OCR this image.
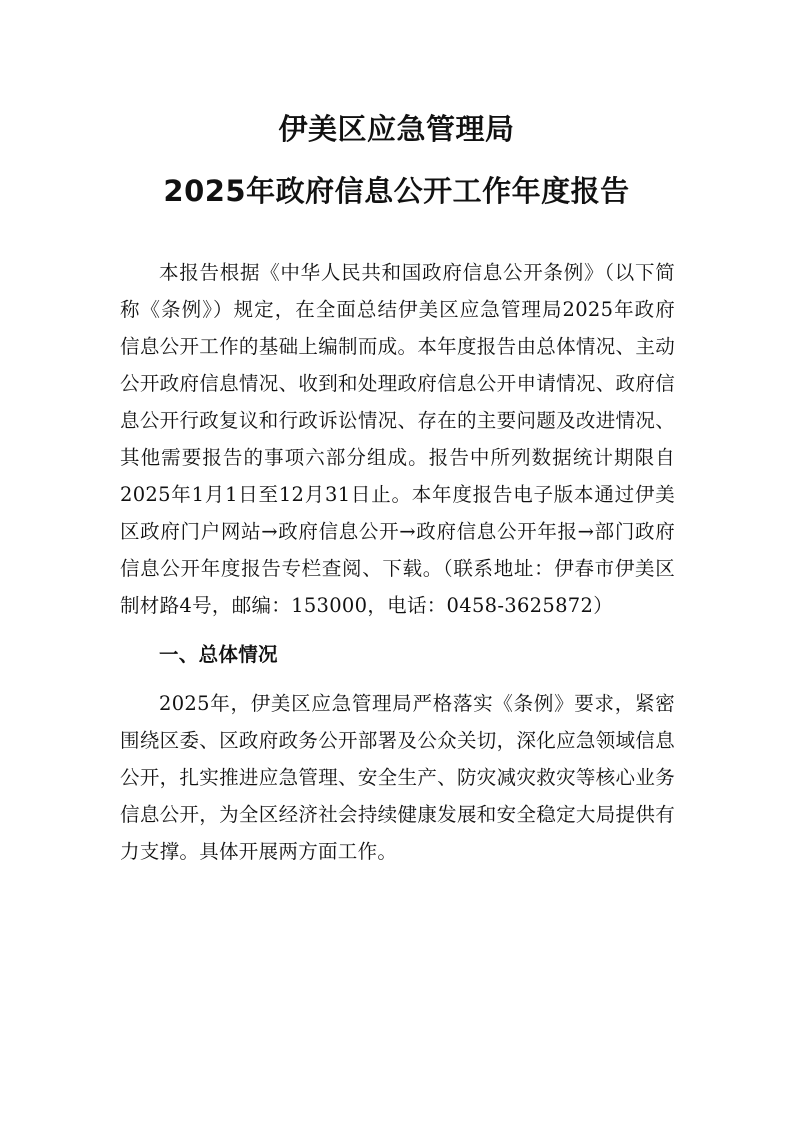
伊美区应急管理局
2025年政府信息公开工作年度报告

本报告根据《中华人民共和国政府信息公开条例》（以下简称《条例》）规定，在全面总结伊美区应急管理局2025年政府信息公开工作的基础上编制而成。本年度报告由总体情况、主动公开政府信息情况、收到和处理政府信息公开申请情况、政府信息公开行政复议和行政诉讼情况、存在的主要问题及改进情况、其他需要报告的事项六部分组成。报告中所列数据统计期限自2025年1月1日至12月31日止。本年度报告电子版本通过伊美区政府门户网站→政府信息公开→政府信息公开年报→部门政府信息公开年度报告专栏查阅、下载。（联系地址：伊春市伊美区制材路4号，邮编：153000，电话：0458-3625872）

一、总体情况

2025年，伊美区应急管理局严格落实《条例》要求，紧密围绕区委、区政府政务公开部署及公众关切，深化应急领域信息公开，扎实推进应急管理、安全生产、防灾减灾救灾等核心业务信息公开，为全区经济社会持续健康发展和安全稳定大局提供有力支撑。具体开展两方面工作。
